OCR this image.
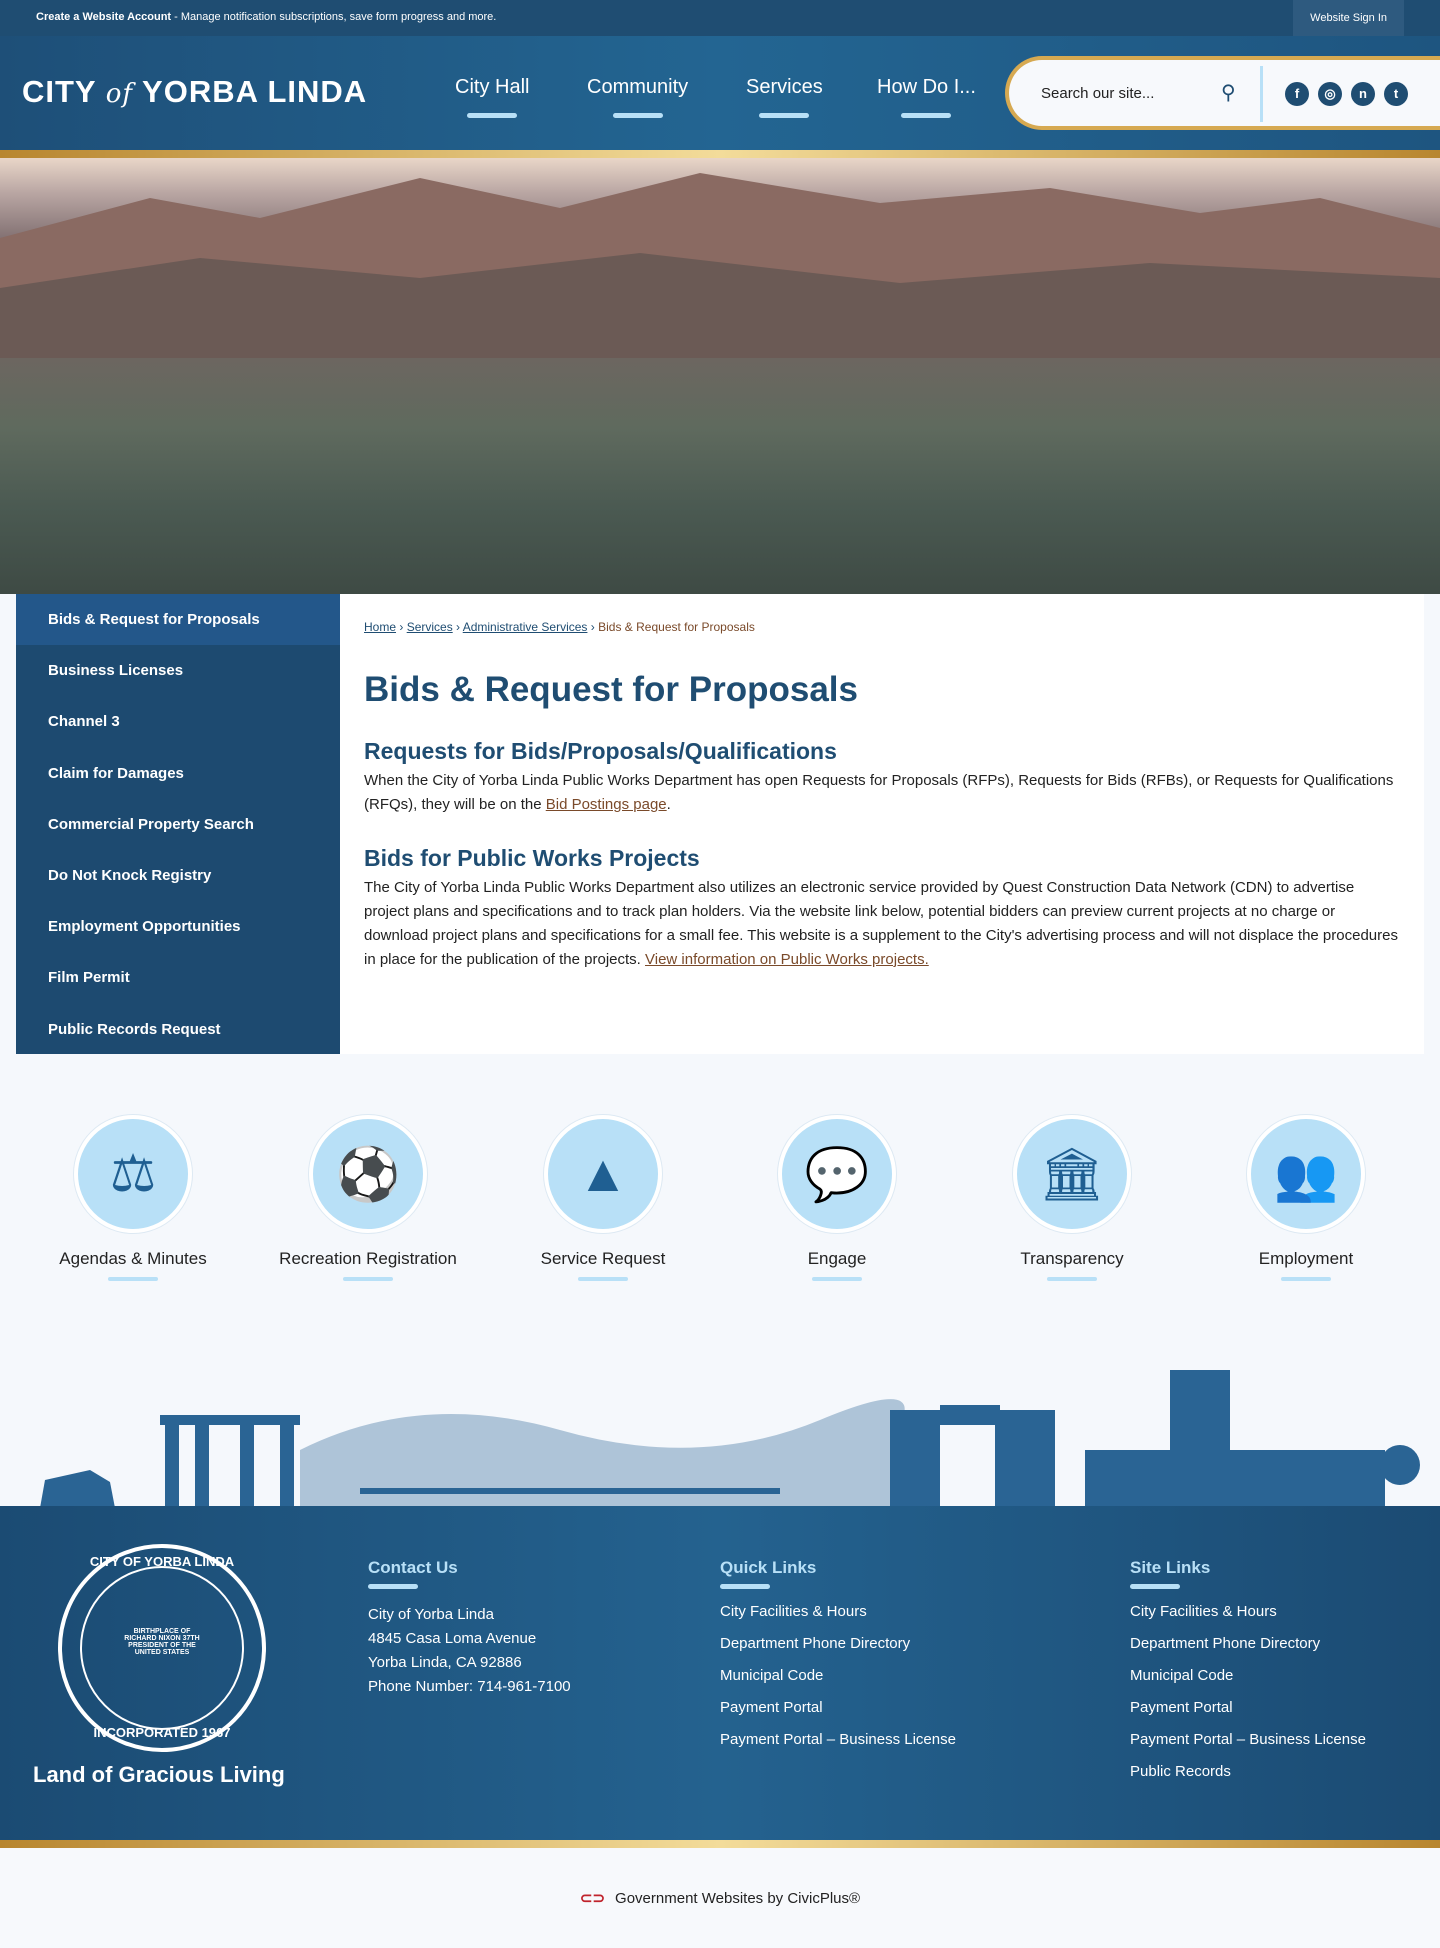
Create a Website Account - Manage notification subscriptions, save form progress and more.	Website Sign In
CITY of YORBA LINDA	City Hall	Community	Services	How Do I...	Search our site...	⚲	f	◎	n	t
Bids & Request for Proposals
Business Licenses
Channel 3
Claim for Damages
Commercial Property Search
Do Not Knock Registry
Employment Opportunities
Film Permit
Public Records Request
Home › Services › Administrative Services › Bids & Request for Proposals
Bids & Request for Proposals
Requests for Bids/Proposals/Qualifications

When the City of Yorba Linda Public Works Department has open Requests for Proposals (RFPs), Requests for Bids (RFBs), or Requests for Qualifications (RFQs), they will be on the Bid Postings page.

Bids for Public Works Projects

The City of Yorba Linda Public Works Department also utilizes an electronic service provided by Quest Construction Data Network (CDN) to advertise project plans and specifications and to track plan holders. Via the website link below, potential bidders can preview current projects at no charge or download project plans and specifications for a small fee. This website is a supplement to the City's advertising process and will not displace the procedures in place for the publication of the projects. View information on Public Works projects.

⚖
Agendas & Minutes
⚽
Recreation Registration
▲
Service Request
💬
Engage
🏛
Transparency
👥
Employment
CITY OF YORBA LINDA
BIRTHPLACE OF RICHARD NIXON 37TH PRESIDENT OF THE UNITED STATES
INCORPORATED 1967
Land of Gracious Living
Contact Us
City of Yorba Linda
4845 Casa Loma Avenue
Yorba Linda, CA 92886
Phone Number: 714-961-7100
Quick Links
City Facilities & Hours
Department Phone Directory
Municipal Code
Payment Portal
Payment Portal – Business License
Site Links
City Facilities & Hours
Department Phone Directory
Municipal Code
Payment Portal
Payment Portal – Business License
Public Records
⊂⊃ Government Websites by CivicPlus®
